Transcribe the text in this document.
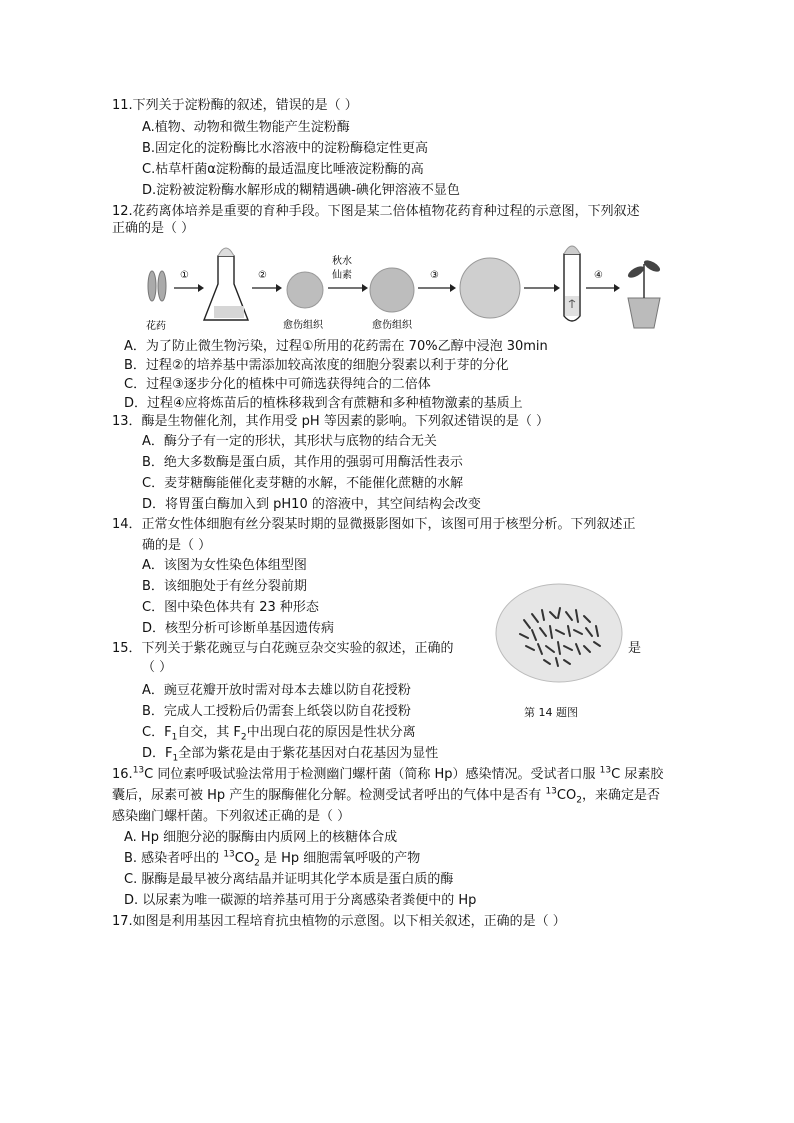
11.下列关于淀粉酶的叙述，错误的是（ ）
A.植物、动物和微生物能产生淀粉酶
B.固定化的淀粉酶比水溶液中的淀粉酶稳定性更高
C.枯草杆菌α淀粉酶的最适温度比唾液淀粉酶的高
D.淀粉被淀粉酶水解形成的糊精遇碘-碘化钾溶液不显色
12.花药离体培养是重要的育种手段。下图是某二倍体植物花药育种过程的示意图，下列叙述
正确的是（ ）
花药
①	②
愈伤组织
秋水
仙素
愈伤组织
③	④
A．为了防止微生物污染，过程①所用的花药需在 70%乙醇中浸泡 30min
B．过程②的培养基中需添加较高浓度的细胞分裂素以利于芽的分化
C．过程③逐步分化的植株中可筛选获得纯合的二倍体
D．过程④应将炼苗后的植株移栽到含有蔗糖和多种植物激素的基质上
13．酶是生物催化剂，其作用受 pH 等因素的影响。下列叙述错误的是（ ）
A．酶分子有一定的形状，其形状与底物的结合无关
B．绝大多数酶是蛋白质，其作用的强弱可用酶活性表示
C．麦芽糖酶能催化麦芽糖的水解，不能催化蔗糖的水解
D．将胃蛋白酶加入到 pH10 的溶液中，其空间结构会改变
14．正常女性体细胞有丝分裂某时期的显微摄影图如下，该图可用于核型分析。下列叙述正
确的是（ ）
A．该图为女性染色体组型图
B．该细胞处于有丝分裂前期
C．图中染色体共有 23 种形态
D．核型分析可诊断单基因遗传病
第 14 题图
15．下列关于紫花豌豆与白花豌豆杂交实验的叙述，正确的	是
（ ）
A．豌豆花瓣开放时需对母本去雄以防自花授粉
B．完成人工授粉后仍需套上纸袋以防自花授粉
C．$F_1$自交，其 $F_2$中出现白花的原因是性状分离
D．$F_1$全部为紫花是由于紫花基因对白花基因为显性
16.13C 同位素呼吸试验法常用于检测幽门螺杆菌（简称 Hp）感染情况。受试者口服 $^{13}$C 尿素胶
囊后，尿素可被 Hp 产生的脲酶催化分解。检测受试者呼出的气体中是否有 $^{13}CO_2$，来确定是否
感染幽门螺杆菌。下列叙述正确的是（ ）
A. Hp 细胞分泌的脲酶由内质网上的核糖体合成
B. 感染者呼出的 $^{13}CO_2$ 是 Hp 细胞需氧呼吸的产物
C. 脲酶是最早被分离结晶并证明其化学本质是蛋白质的酶
D. 以尿素为唯一碳源的培养基可用于分离感染者粪便中的 Hp
17.如图是利用基因工程培育抗虫植物的示意图。以下相关叙述，正确的是（ ）
